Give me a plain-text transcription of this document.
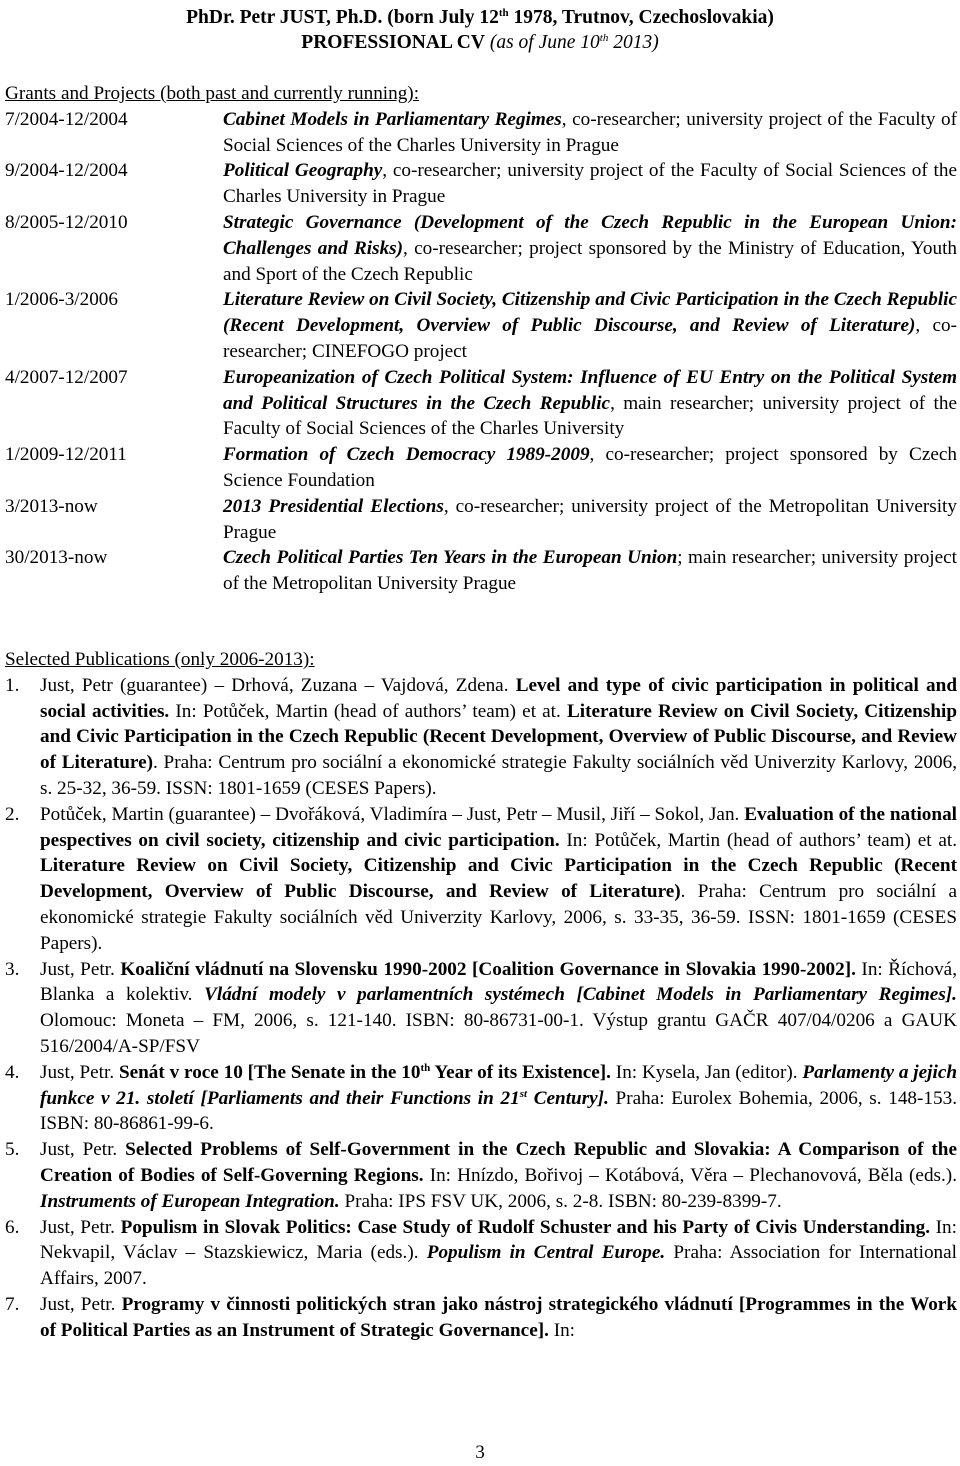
PhDr. Petr JUST, Ph.D. (born July 12th 1978, Trutnov, Czechoslovakia)
PROFESSIONAL CV (as of June 10th 2013)
Grants and Projects (both past and currently running):
7/2004-12/2004	Cabinet Models in Parliamentary Regimes, co-researcher; university project of the Faculty of Social Sciences of the Charles University in Prague
9/2004-12/2004	Political Geography, co-researcher; university project of the Faculty of Social Sciences of the Charles University in Prague
8/2005-12/2010	Strategic Governance (Development of the Czech Republic in the European Union: Challenges and Risks), co-researcher; project sponsored by the Ministry of Education, Youth and Sport of the Czech Republic
1/2006-3/2006	Literature Review on Civil Society, Citizenship and Civic Participation in the Czech Republic (Recent Development, Overview of Public Discourse, and Review of Literature), co-researcher; CINEFOGO project
4/2007-12/2007	Europeanization of Czech Political System: Influence of EU Entry on the Political System and Political Structures in the Czech Republic, main researcher; university project of the Faculty of Social Sciences of the Charles University
1/2009-12/2011	Formation of Czech Democracy 1989-2009, co-researcher; project sponsored by Czech Science Foundation
3/2013-now	2013 Presidential Elections, co-researcher; university project of the Metropolitan University Prague
30/2013-now	Czech Political Parties Ten Years in the European Union; main researcher; university project of the Metropolitan University Prague
Selected Publications (only 2006-2013):
1.	Just, Petr (guarantee) – Drhová, Zuzana – Vajdová, Zdena. Level and type of civic participation in political and social activities. In: Potůček, Martin (head of authors’ team) et at. Literature Review on Civil Society, Citizenship and Civic Participation in the Czech Republic (Recent Development, Overview of Public Discourse, and Review of Literature). Praha: Centrum pro sociální a ekonomické strategie Fakulty sociálních věd Univerzity Karlovy, 2006, s. 25-32, 36-59. ISSN: 1801-1659 (CESES Papers).
2.	Potůček, Martin (guarantee) – Dvořáková, Vladimíra – Just, Petr – Musil, Jiří – Sokol, Jan. Evaluation of the national pespectives on civil society, citizenship and civic participation. In: Potůček, Martin (head of authors’ team) et at. Literature Review on Civil Society, Citizenship and Civic Participation in the Czech Republic (Recent Development, Overview of Public Discourse, and Review of Literature). Praha: Centrum pro sociální a ekonomické strategie Fakulty sociálních věd Univerzity Karlovy, 2006, s. 33-35, 36-59. ISSN: 1801-1659 (CESES Papers).
3.	Just, Petr. Koaliční vládnutí na Slovensku 1990-2002 [Coalition Governance in Slovakia 1990-2002]. In: Říchová, Blanka a kolektiv. Vládní modely v parlamentních systémech [Cabinet Models in Parliamentary Regimes]. Olomouc: Moneta – FM, 2006, s. 121-140. ISBN: 80-86731-00-1. Výstup grantu GAČR 407/04/0206 a GAUK 516/2004/A-SP/FSV
4.	Just, Petr. Senát v roce 10 [The Senate in the 10th Year of its Existence]. In: Kysela, Jan (editor). Parlamenty a jejich funkce v 21. století [Parliaments and their Functions in 21st Century]. Praha: Eurolex Bohemia, 2006, s. 148-153. ISBN: 80-86861-99-6.
5.	Just, Petr. Selected Problems of Self-Government in the Czech Republic and Slovakia: A Comparison of the Creation of Bodies of Self-Governing Regions. In: Hnízdo, Bořivoj – Kotábová, Věra – Plechanovová, Běla (eds.). Instruments of European Integration. Praha: IPS FSV UK, 2006, s. 2-8. ISBN: 80-239-8399-7.
6.	Just, Petr. Populism in Slovak Politics: Case Study of Rudolf Schuster and his Party of Civis Understanding. In: Nekvapil, Václav – Stazskiewicz, Maria (eds.). Populism in Central Europe. Praha: Association for International Affairs, 2007.
7.	Just, Petr. Programy v činnosti politických stran jako nástroj strategického vládnutí [Programmes in the Work of Political Parties as an Instrument of Strategic Governance]. In:
3
